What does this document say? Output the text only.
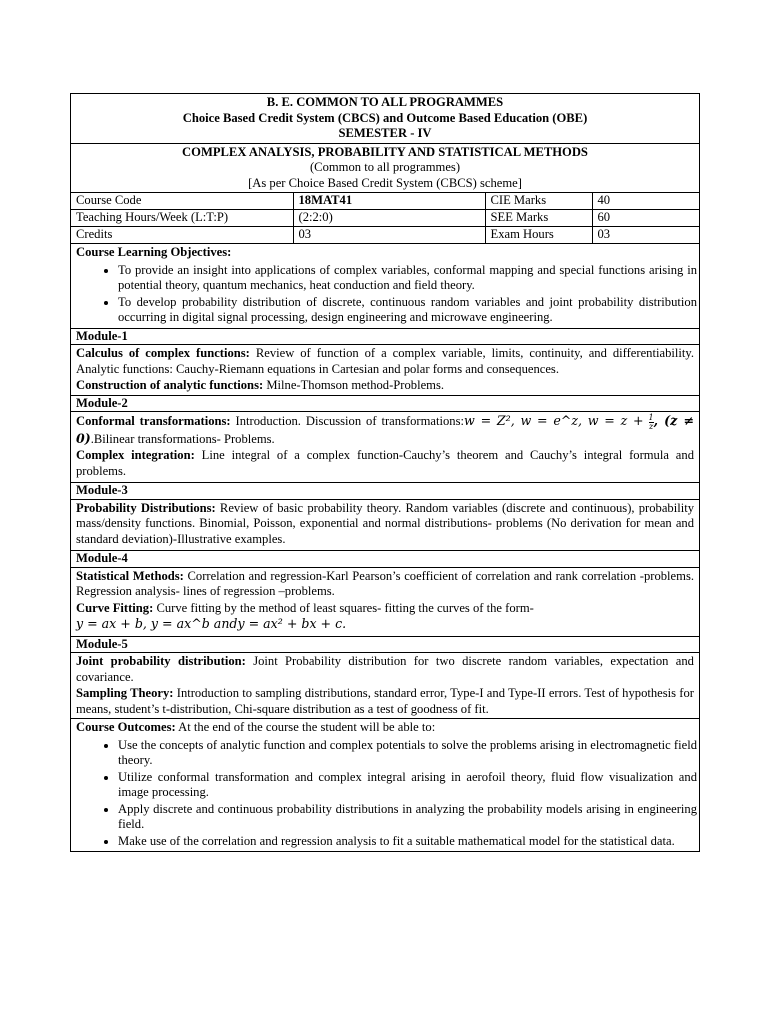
B. E. COMMON TO ALL PROGRAMMES
Choice Based Credit System (CBCS) and Outcome Based Education (OBE)
SEMESTER - IV
COMPLEX ANALYSIS, PROBABILITY AND STATISTICAL METHODS
(Common to all programmes)
[As per Choice Based Credit System (CBCS) scheme]
Course Code	18MAT41	CIE Marks	40
Teaching Hours/Week (L:T:P)	(2:2:0)	SEE Marks	60
Credits	03	Exam Hours	03
Course Learning Objectives:
• To provide an insight into applications of complex variables, conformal mapping and special functions arising in potential theory, quantum mechanics, heat conduction and field theory.
• To develop probability distribution of discrete, continuous random variables and joint probability distribution occurring in digital signal processing, design engineering and microwave engineering.
Module-1
Calculus of complex functions: Review of function of a complex variable, limits, continuity, and differentiability. Analytic functions: Cauchy-Riemann equations in Cartesian and polar forms and consequences.
Construction of analytic functions: Milne-Thomson method-Problems.
Module-2
Conformal transformations: Introduction. Discussion of transformations:w = Z², w = e^z, $w = z + \frac{1}{z}$ , (z ≠ 0).Bilinear transformations- Problems.
Complex integration: Line integral of a complex function-Cauchy’s theorem and Cauchy’s integral formula and problems.
Module-3
Probability Distributions: Review of basic probability theory. Random variables (discrete and continuous), probability mass/density functions. Binomial, Poisson, exponential and normal distributions- problems (No derivation for mean and standard deviation)-Illustrative examples.
Module-4
Statistical Methods: Correlation and regression-Karl Pearson’s coefficient of correlation and rank correlation -problems. Regression analysis- lines of regression –problems.
Curve Fitting: Curve fitting by the method of least squares- fitting the curves of the form-
y = ax + b, y = ax^b andy = ax² + bx + c.
Module-5
Joint probability distribution: Joint Probability distribution for two discrete random variables, expectation and covariance.
Sampling Theory: Introduction to sampling distributions, standard error, Type-I and Type-II errors. Test of hypothesis for means, student’s t-distribution, Chi-square distribution as a test of goodness of fit.
Course Outcomes: At the end of the course the student will be able to:
• Use the concepts of analytic function and complex potentials to solve the problems arising in electromagnetic field theory.
• Utilize conformal transformation and complex integral arising in aerofoil theory, fluid flow visualization and image processing.
• Apply discrete and continuous probability distributions in analyzing the probability models arising in engineering field.
• Make use of the correlation and regression analysis to fit a suitable mathematical model for the statistical data.
